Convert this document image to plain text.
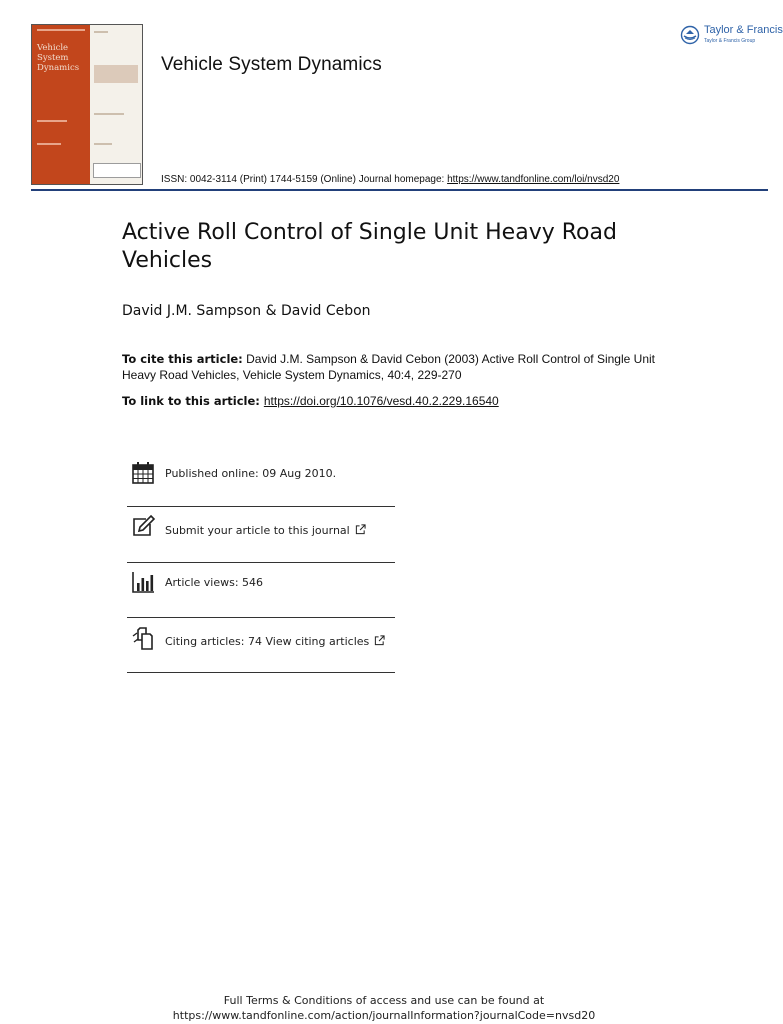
Vehicle System Dynamics	Vehicle System Dynamics
ISSN: 0042-3114 (Print) 1744-5159 (Online) Journal homepage: https://www.tandfonline.com/loi/nvsd20
Taylor & Francis
Taylor & Francis Group
Active Roll Control of Single Unit Heavy Road Vehicles
David J.M. Sampson & David Cebon
To cite this article: David J.M. Sampson & David Cebon (2003) Active Roll Control of Single Unit Heavy Road Vehicles, Vehicle System Dynamics, 40:4, 229-270
To link to this article: https://doi.org/10.1076/vesd.40.2.229.16540
Published online: 09 Aug 2010.
Submit your article to this journal
Article views: 546
Citing articles: 74 View citing articles
Full Terms & Conditions of access and use can be found at
https://www.tandfonline.com/action/journalInformation?journalCode=nvsd20
